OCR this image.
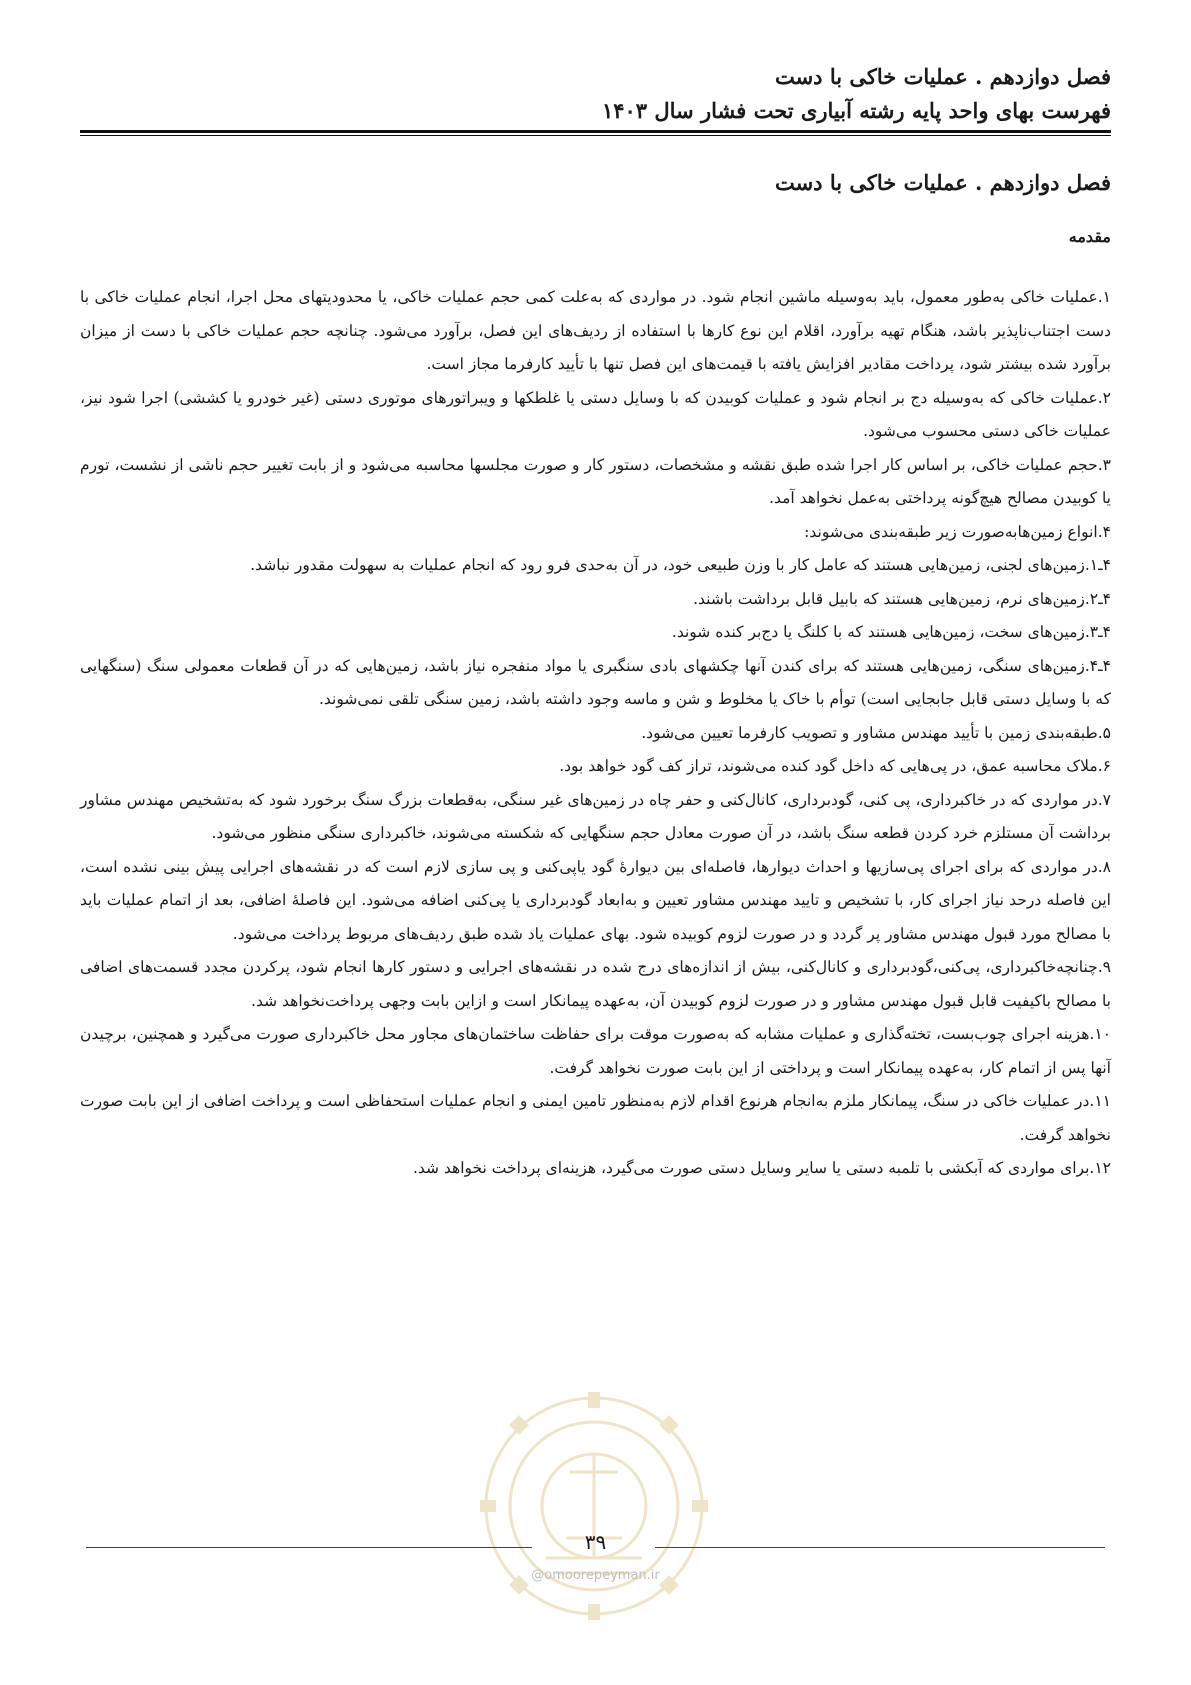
فصل دوازدهم . عملیات خاکی با دست
فهرست بهای واحد پایه رشته آبیاری تحت فشار سال ۱۴۰۳
فصل دوازدهم . عملیات خاکی با دست
مقدمه

۱.عملیات خاکی به‌طور معمول، باید به‌وسیله ماشین انجام شود. در مواردی که به‌علت کمی حجم عملیات خاکی، یا محدودیتهای محل اجرا، انجام عملیات خاکی با دست اجتناب‌ناپذیر باشد، هنگام تهیه برآورد، اقلام این نوع کارها با استفاده از ردیف‌های این فصل، برآورد می‌شود. چنانچه حجم عملیات خاکی با دست از میزان برآورد شده بیشتر شود، پرداخت مقادیر افزایش یافته با قیمت‌های این فصل تنها با تأیید کارفرما مجاز است.

۲.عملیات خاکی که به‌وسیله دج بر انجام شود و عملیات کوبیدن که با وسایل دستی یا غلطکها و ویبراتورهای موتوری دستی (غیر خودرو یا کششی) اجرا شود نیز، عملیات خاکی دستی محسوب می‌شود.

۳.حجم عملیات خاکی، بر اساس کار اجرا شده طبق نقشه و مشخصات، دستور کار و صورت مجلسها محاسبه می‌شود و از بابت تغییر حجم ناشی از نشست، تورم یا کوبیدن مصالح هیچ‌گونه پرداختی به‌عمل نخواهد آمد.

۴.انواع زمین‌هابه‌صورت زیر طبقه‌بندی می‌شوند:

۴ـ۱.زمین‌های لجنی، زمین‌هایی هستند که عامل کار با وزن طبیعی خود، در آن به‌حدی فرو رود که انجام عملیات به سهولت مقدور نباشد.

۴ـ۲.زمین‌های نرم، زمین‌هایی هستند که بابیل قابل برداشت باشند.

۴ـ۳.زمین‌های سخت، زمین‌هایی هستند که با کلنگ یا دج‌بر کنده شوند.

۴ـ۴.زمین‌های سنگی، زمین‌هایی هستند که برای کندن آنها چکشهای بادی سنگبری یا مواد منفجره نیاز باشد، زمین‌هایی که در آن قطعات معمولی سنگ (سنگهایی که با وسایل دستی قابل جابجایی است) توأم با خاک یا مخلوط و شن و ماسه وجود داشته باشد، زمین سنگی تلقی نمی‌شوند.

۵.طبقه‌بندی زمین با تأیید مهندس مشاور و تصویب کارفرما تعیین می‌شود.

۶.ملاک محاسبه عمق، در پی‌هایی که داخل گود کنده می‌شوند، تراز کف گود خواهد بود.

۷.در مواردی که در خاکبرداری، پی کنی، گودبرداری، کانال‌کنی و حفر چاه در زمین‌های غیر سنگی، به‌قطعات بزرگ سنگ برخورد شود که به‌تشخیص مهندس مشاور برداشت آن مستلزم خرد کردن قطعه سنگ باشد، در آن صورت معادل حجم سنگهایی که شکسته می‌شوند، خاکبرداری سنگی منظور می‌شود.

۸.در مواردی که برای اجرای پی‌سازیها و احداث دیوارها، فاصله‌ای بین دیوارهٔ گود یاپی‌کنی و پی سازی لازم است که در نقشه‌های اجرایی پیش بینی نشده است، این فاصله درحد نیاز اجرای کار، با تشخیص و تایید مهندس مشاور تعیین و به‌ابعاد گودبرداری یا پی‌کنی اضافه می‌شود. این فاصلهٔ اضافی، بعد از اتمام عملیات باید با مصالح مورد قبول مهندس مشاور پر گردد و در صورت لزوم کوبیده شود. بهای عملیات یاد شده طبق ردیف‌های مربوط پرداخت می‌شود.

۹.چنانچه‌خاکبرداری، پی‌کنی،گودبرداری و کانال‌کنی، بیش از اندازه‌های درج شده در نقشه‌های اجرایی و دستور کارها انجام شود، پرکردن مجدد قسمت‌های اضافی با مصالح باکیفیت قابل قبول مهندس مشاور و در صورت لزوم کوبیدن آن، به‌عهده پیمانکار است و ازاین بابت وجهی پرداخت‌نخواهد شد.

۱۰.هزینه اجرای چوب‌بست، تخته‌گذاری و عملیات مشابه که به‌صورت موقت برای حفاظت ساختمان‌های مجاور محل خاکبرداری صورت می‌گیرد و همچنین، برچیدن آنها پس از اتمام کار، به‌عهده پیمانکار است و پرداختی از این بابت صورت نخواهد گرفت.

۱۱.در عملیات خاکی در سنگ، پیمانکار ملزم به‌انجام هرنوع اقدام لازم به‌منظور تامین ایمنی و انجام عملیات استحفاظی است و پرداخت اضافی از این بابت صورت نخواهد گرفت.

۱۲.برای مواردی که آبکشی با تلمبه دستی یا سایر وسایل دستی صورت می‌گیرد، هزینه‌ای پرداخت نخواهد شد.

۳۹
@omoorepeyman.ir
